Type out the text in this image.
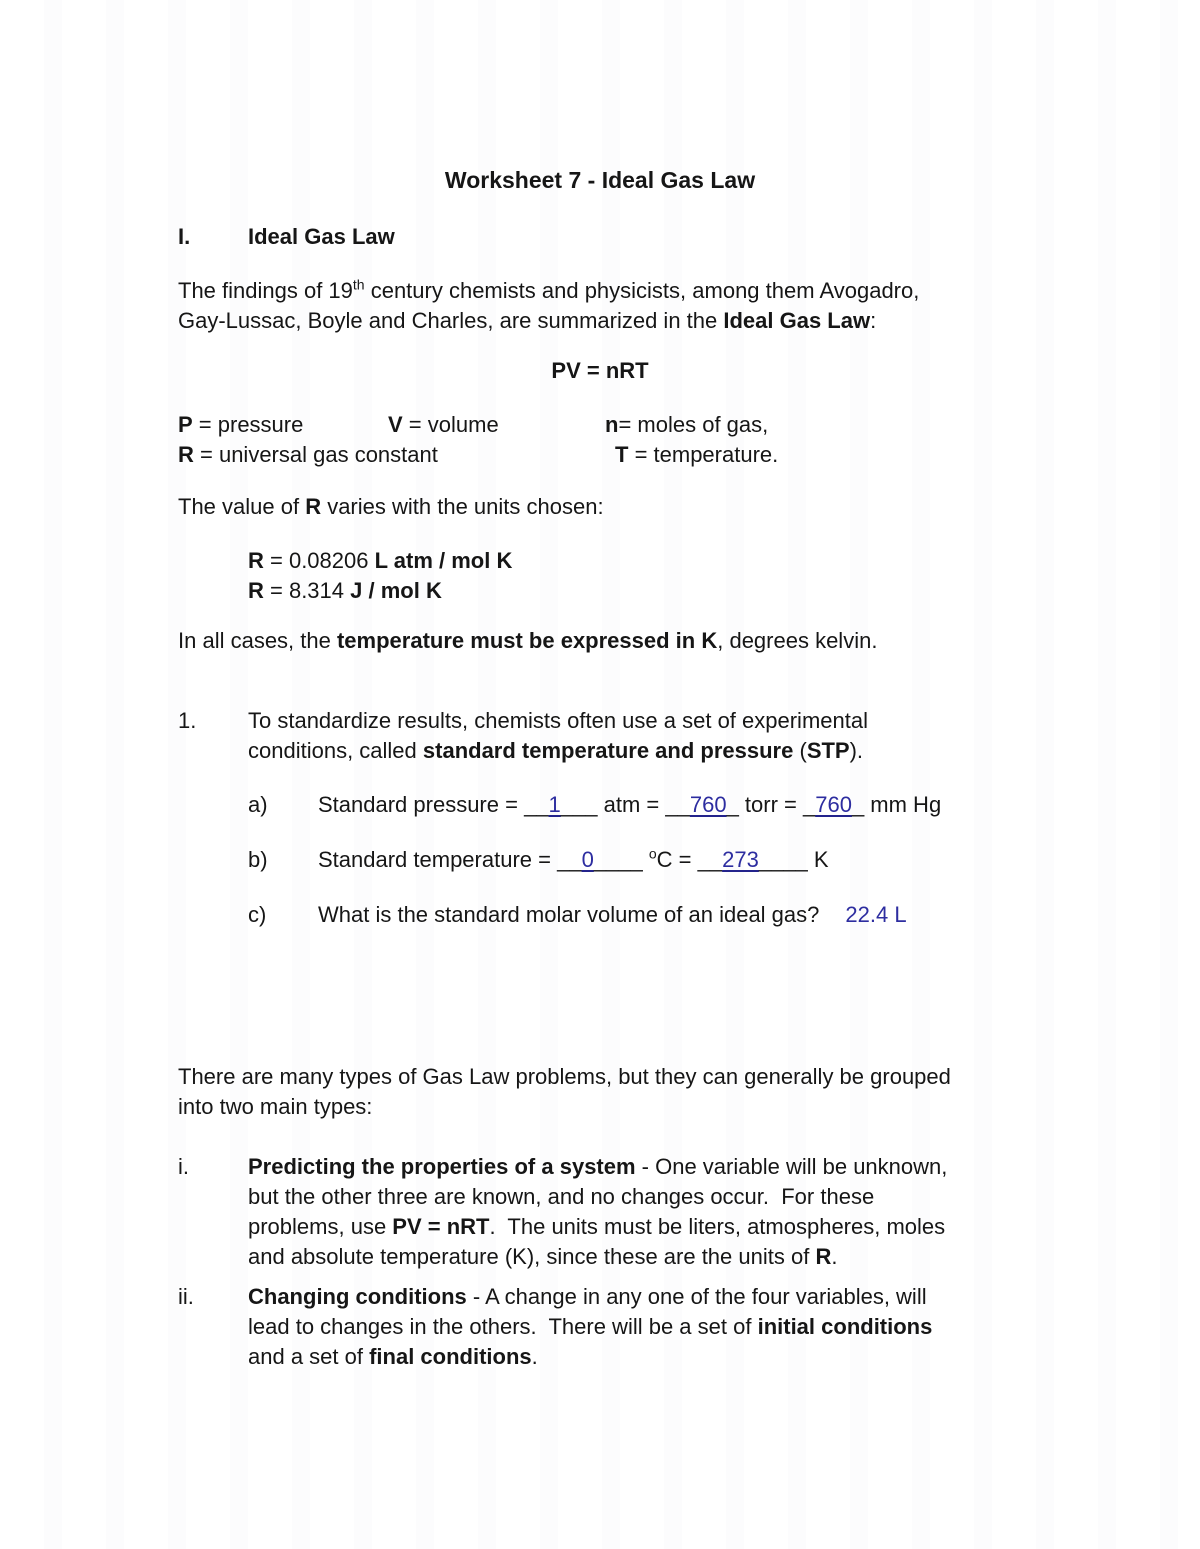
Worksheet 7 - Ideal Gas Law
I.	Ideal Gas Law
The findings of 19th century chemists and physicists, among them Avogadro,
Gay-Lussac, Boyle and Charles, are summarized in the Ideal Gas Law:
PV = nRT
P = pressure	V = volume	n= moles of gas,
R = universal gas constant	T = temperature.
The value of R varies with the units chosen:
R = 0.08206 L atm / mol K
R = 8.314 J / mol K
In all cases, the temperature must be expressed in K, degrees kelvin.
1. To standardize results, chemists often use a set of experimental
conditions, called standard temperature and pressure (STP).
a) Standard pressure = __1___ atm = __760_ torr = _760_ mm Hg
b) Standard temperature = __0____ $^o$C = __273____ K
c) What is the standard molar volume of an ideal gas? 22.4 L
There are many types of Gas Law problems, but they can generally be grouped
into two main types:
i.	Predicting the properties of a system - One variable will be unknown,
but the other three are known, and no changes occur.  For these
problems, use PV = nRT.  The units must be liters, atmospheres, moles
and absolute temperature (K), since these are the units of R.
ii. Changing conditions - A change in any one of the four variables, will
lead to changes in the others.  There will be a set of initial conditions
and a set of final conditions.
